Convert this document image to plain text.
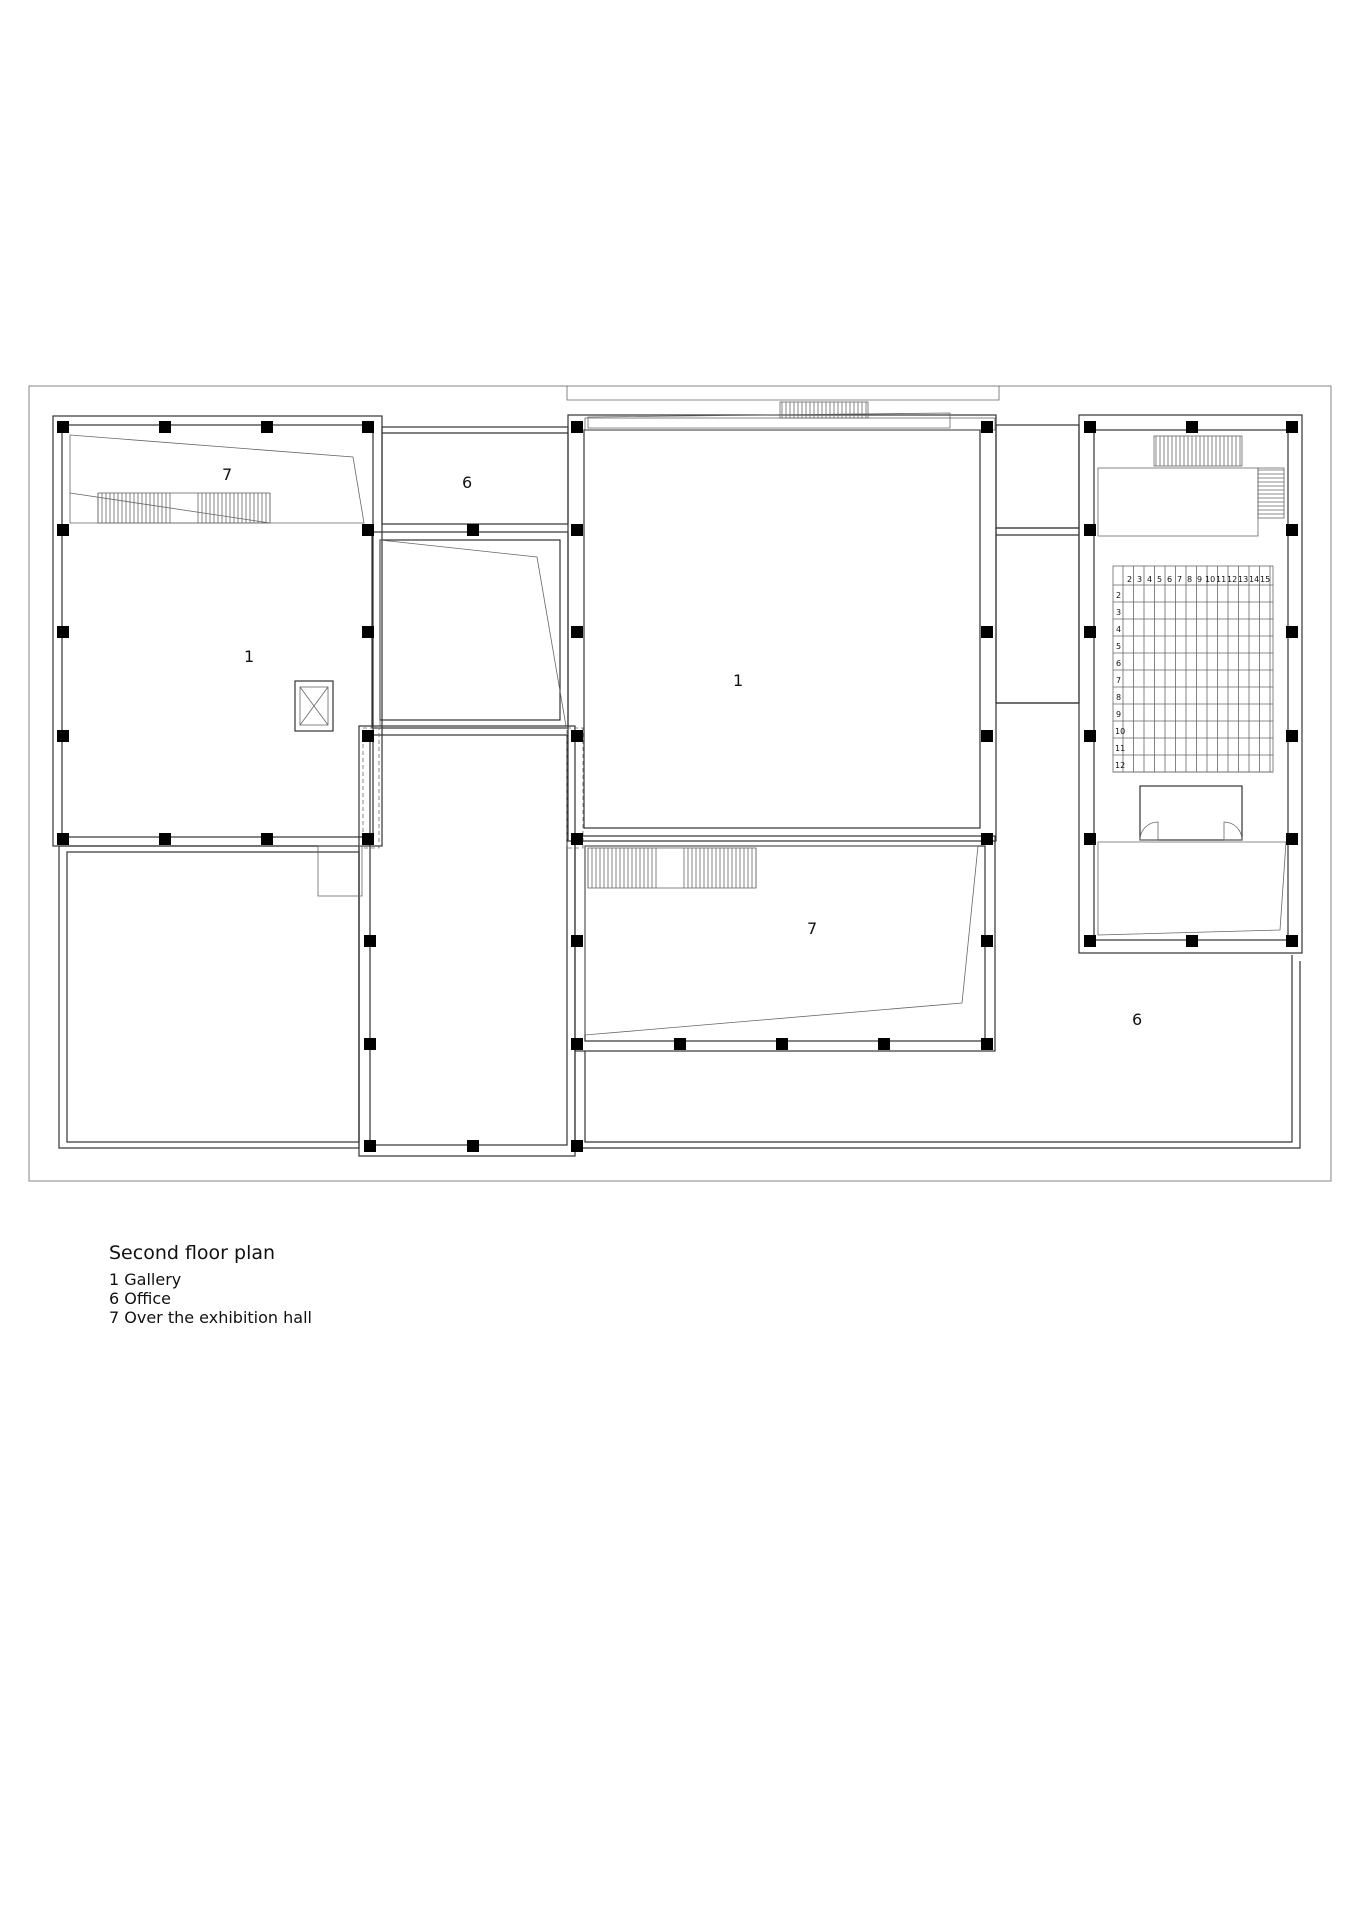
7	6
1
1
7
6
2 3 4 5 6 7 8 9 10 11 12 13 14 15
2
3
4
5
6
7
8
9
10
11
12
Second floor plan
1 Gallery
6 Office
7 Over the exhibition hall
